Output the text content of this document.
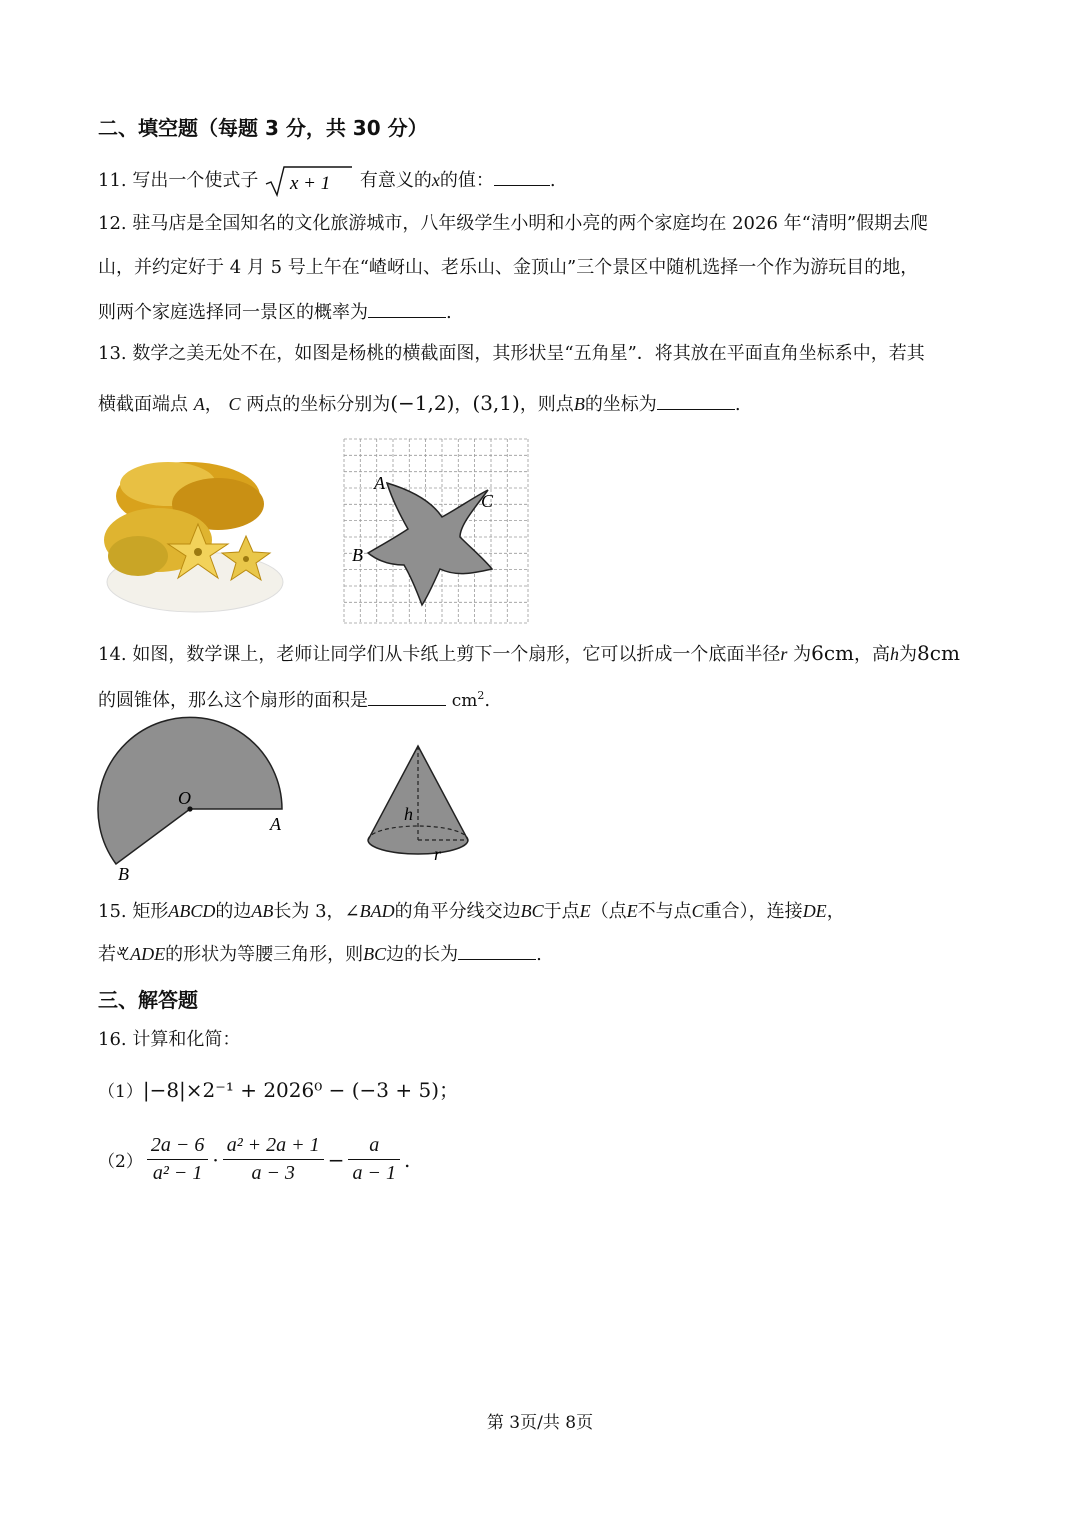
二、填空题（每题 3 分，共 30 分）
11. 写出一个使式子 x + 1 有意义的x的值：	.
12. 驻马店是全国知名的文化旅游城市，八年级学生小明和小亮的两个家庭均在 2026 年“清明”假期去爬
山，并约定好于 4 月 5 号上午在“嵖岈山、老乐山、金顶山”三个景区中随机选择一个作为游玩目的地，
则两个家庭选择同一景区的概率为	.
13. 数学之美无处不在，如图是杨桃的横截面图，其形状呈“五角星”．将其放在平面直角坐标系中，若其
横截面端点 A， C 两点的坐标分别为(−1,2)，(3,1)，则点B的坐标为	.
A
C
B
14. 如图，数学课上，老师让同学们从卡纸上剪下一个扇形，它可以折成一个底面半径r 为6cm，高h为8cm
的圆锥体，那么这个扇形的面积是	$cm^2$.
O
A
B
h
r
15. 矩形ABCD的边AB长为 3，∠BAD的角平分线交边BC于点E（点E不与点C重合），连接DE，
若ꕩADE的形状为等腰三角形，则BC边的长为	.
三、解答题
16. 计算和化简：
（1）|−8|×2⁻¹ + 2026⁰ − (−3 + 5)；
$(2) \frac{2a - 6}{\text{a² − 1}} \cdot \frac{\text{a² + 2a + 1}}{a - 3} - \frac{a}{a - 1}$ .
第 3页/共 8页
